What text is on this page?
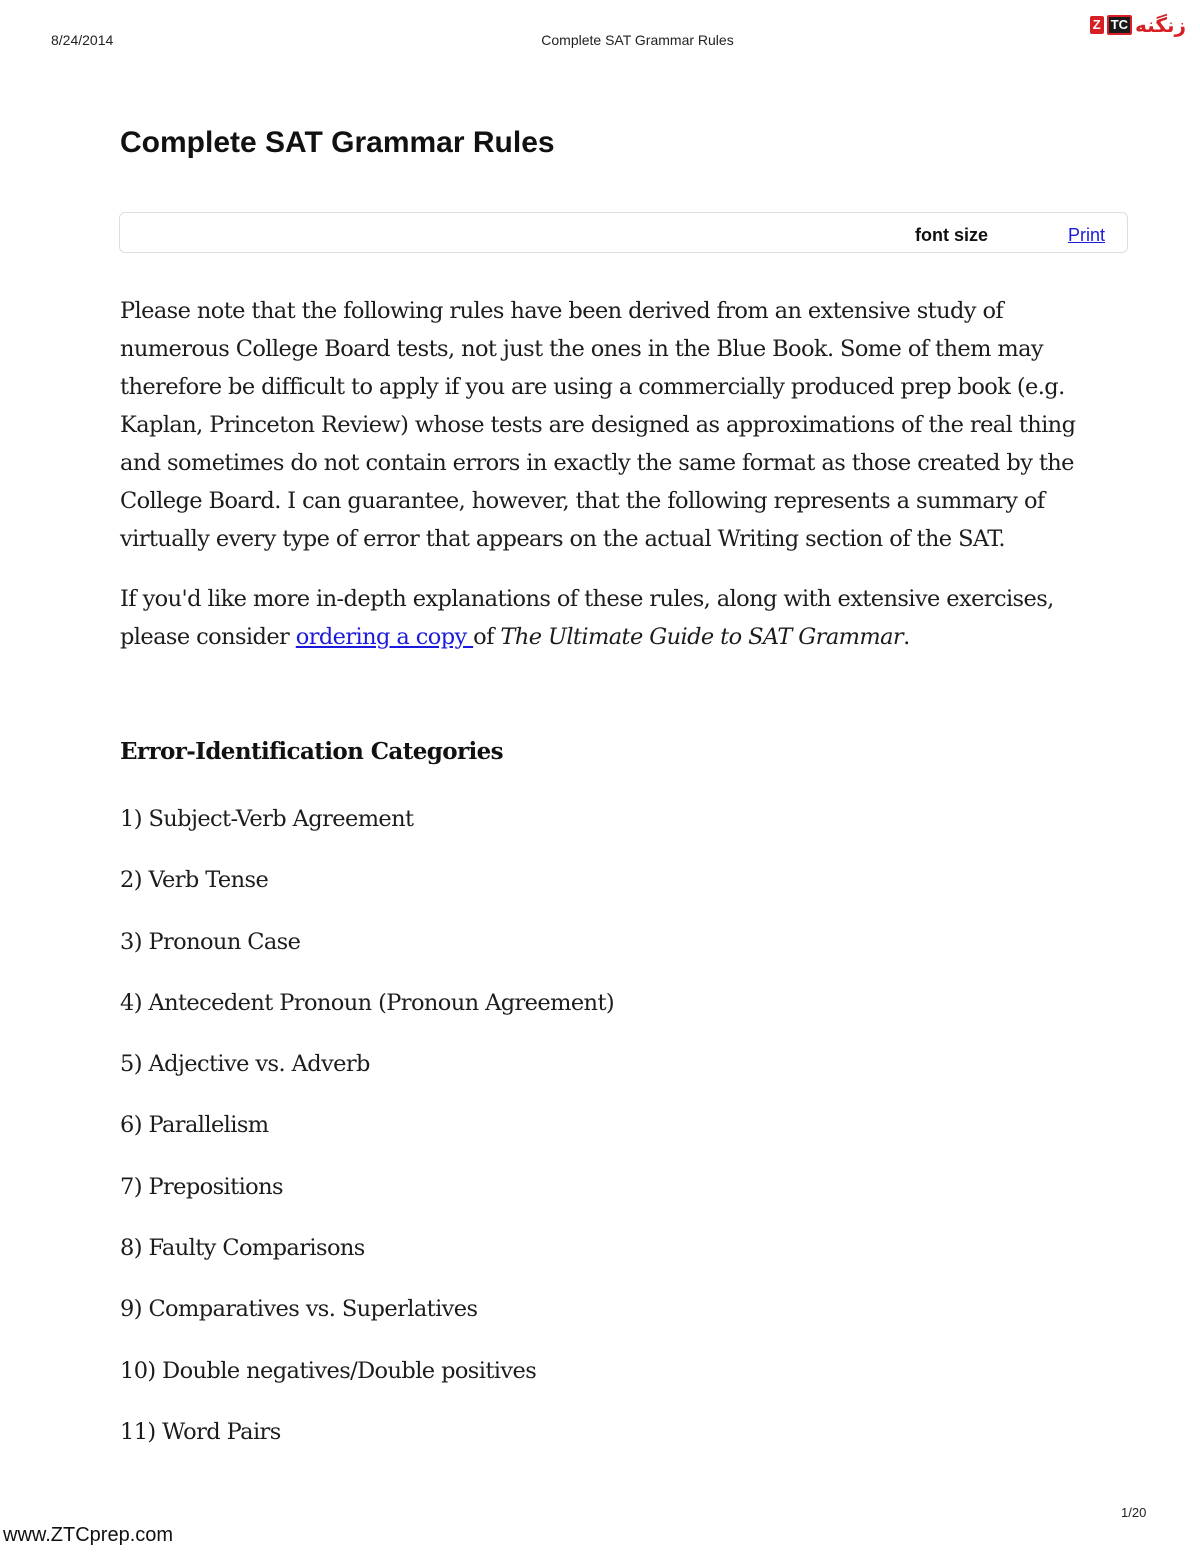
8/24/2014	Complete SAT Grammar Rules
Z TC زنگنه
Complete SAT Grammar Rules
font size	Print

Please note that the following rules have been derived from an extensive study of numerous College Board tests, not just the ones in the Blue Book. Some of them may therefore be difficult to apply if you are using a commercially produced prep book (e.g. Kaplan, Princeton Review) whose tests are designed as approximations of the real thing and sometimes do not contain errors in exactly the same format as those created by the College Board. I can guarantee, however, that the following represents a summary of virtually every type of error that appears on the actual Writing section of the SAT.

If you'd like more in-depth explanations of these rules, along with extensive exercises, please consider ordering a copy of The Ultimate Guide to SAT Grammar.

Error-Identification Categories
1) Subject-Verb Agreement
2) Verb Tense
3) Pronoun Case
4) Antecedent Pronoun (Pronoun Agreement)
5) Adjective vs. Adverb
6) Parallelism
7) Prepositions
8) Faulty Comparisons
9) Comparatives vs. Superlatives
10) Double negatives/Double positives
11) Word Pairs
1/20
www.ZTCprep.com
